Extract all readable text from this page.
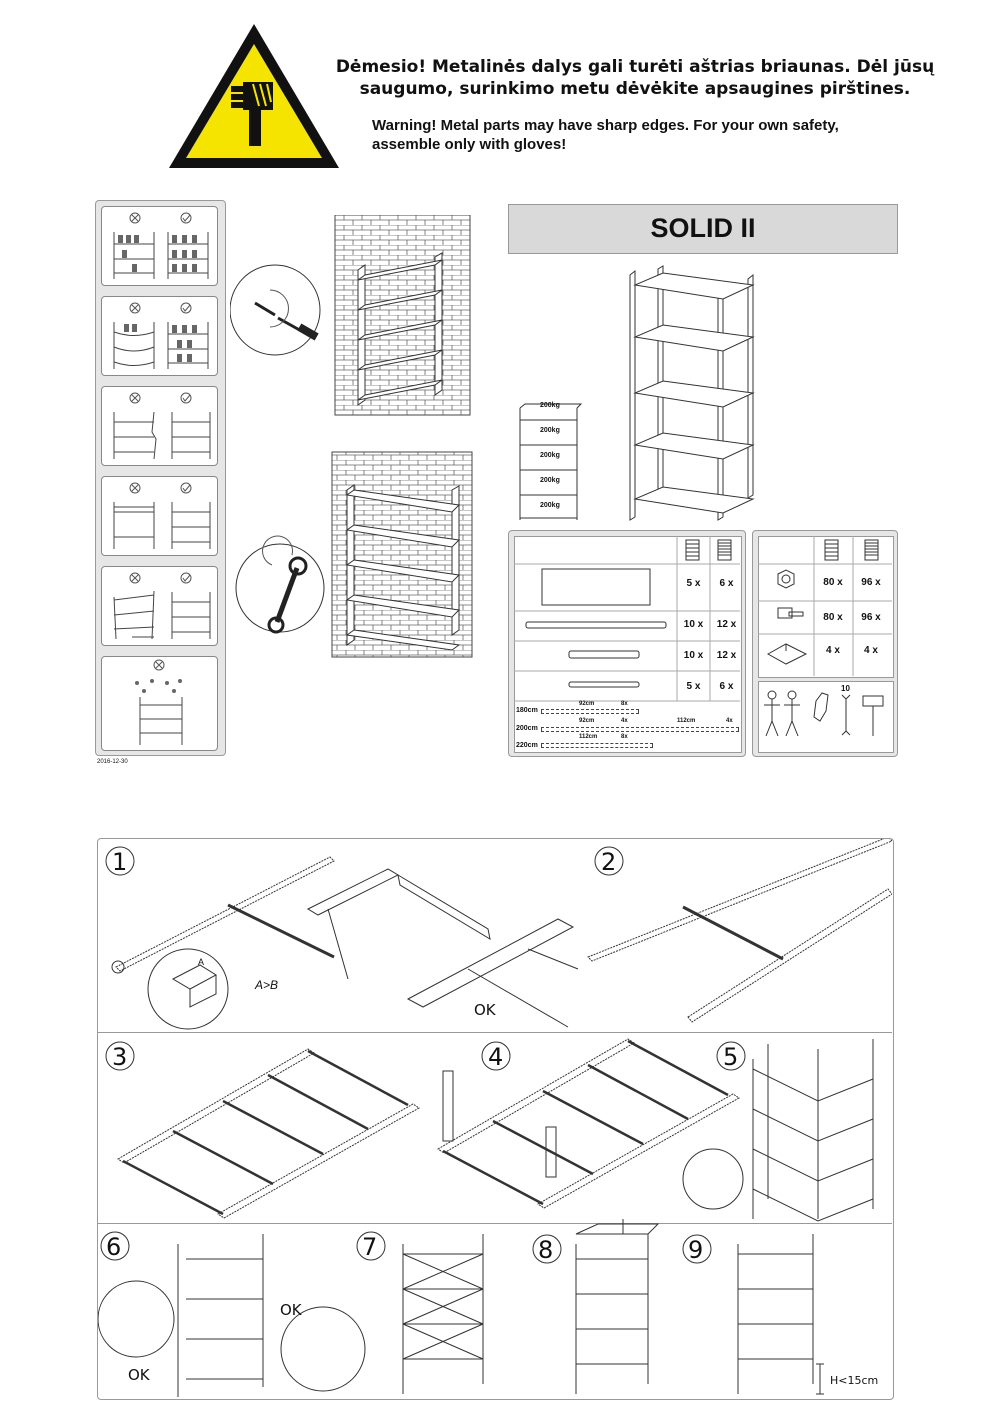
Dėmesio! Metalinės dalys gali turėti aštrias briaunas. Dėl jūsų saugumo, surinkimo metu dėvėkite apsaugines pirštines.
Warning! Metal parts may have sharp edges. For your own safety, assemble only with gloves!
2016-12-30
SOLID II
200kg
200kg
200kg
200kg
200kg
5 x	6 x
10 x	12 x
10 x	12 x
5 x	6 x
180cm
92cm	8x
200cm
92cm	4x	112cm	4x
220cm
112cm	8x
80 x	96 x
80 x	96 x
4 x	4 x
10
1	2
3	4	5
6	7	8	9
A>B
A
OK
OK
OK
H<15cm
